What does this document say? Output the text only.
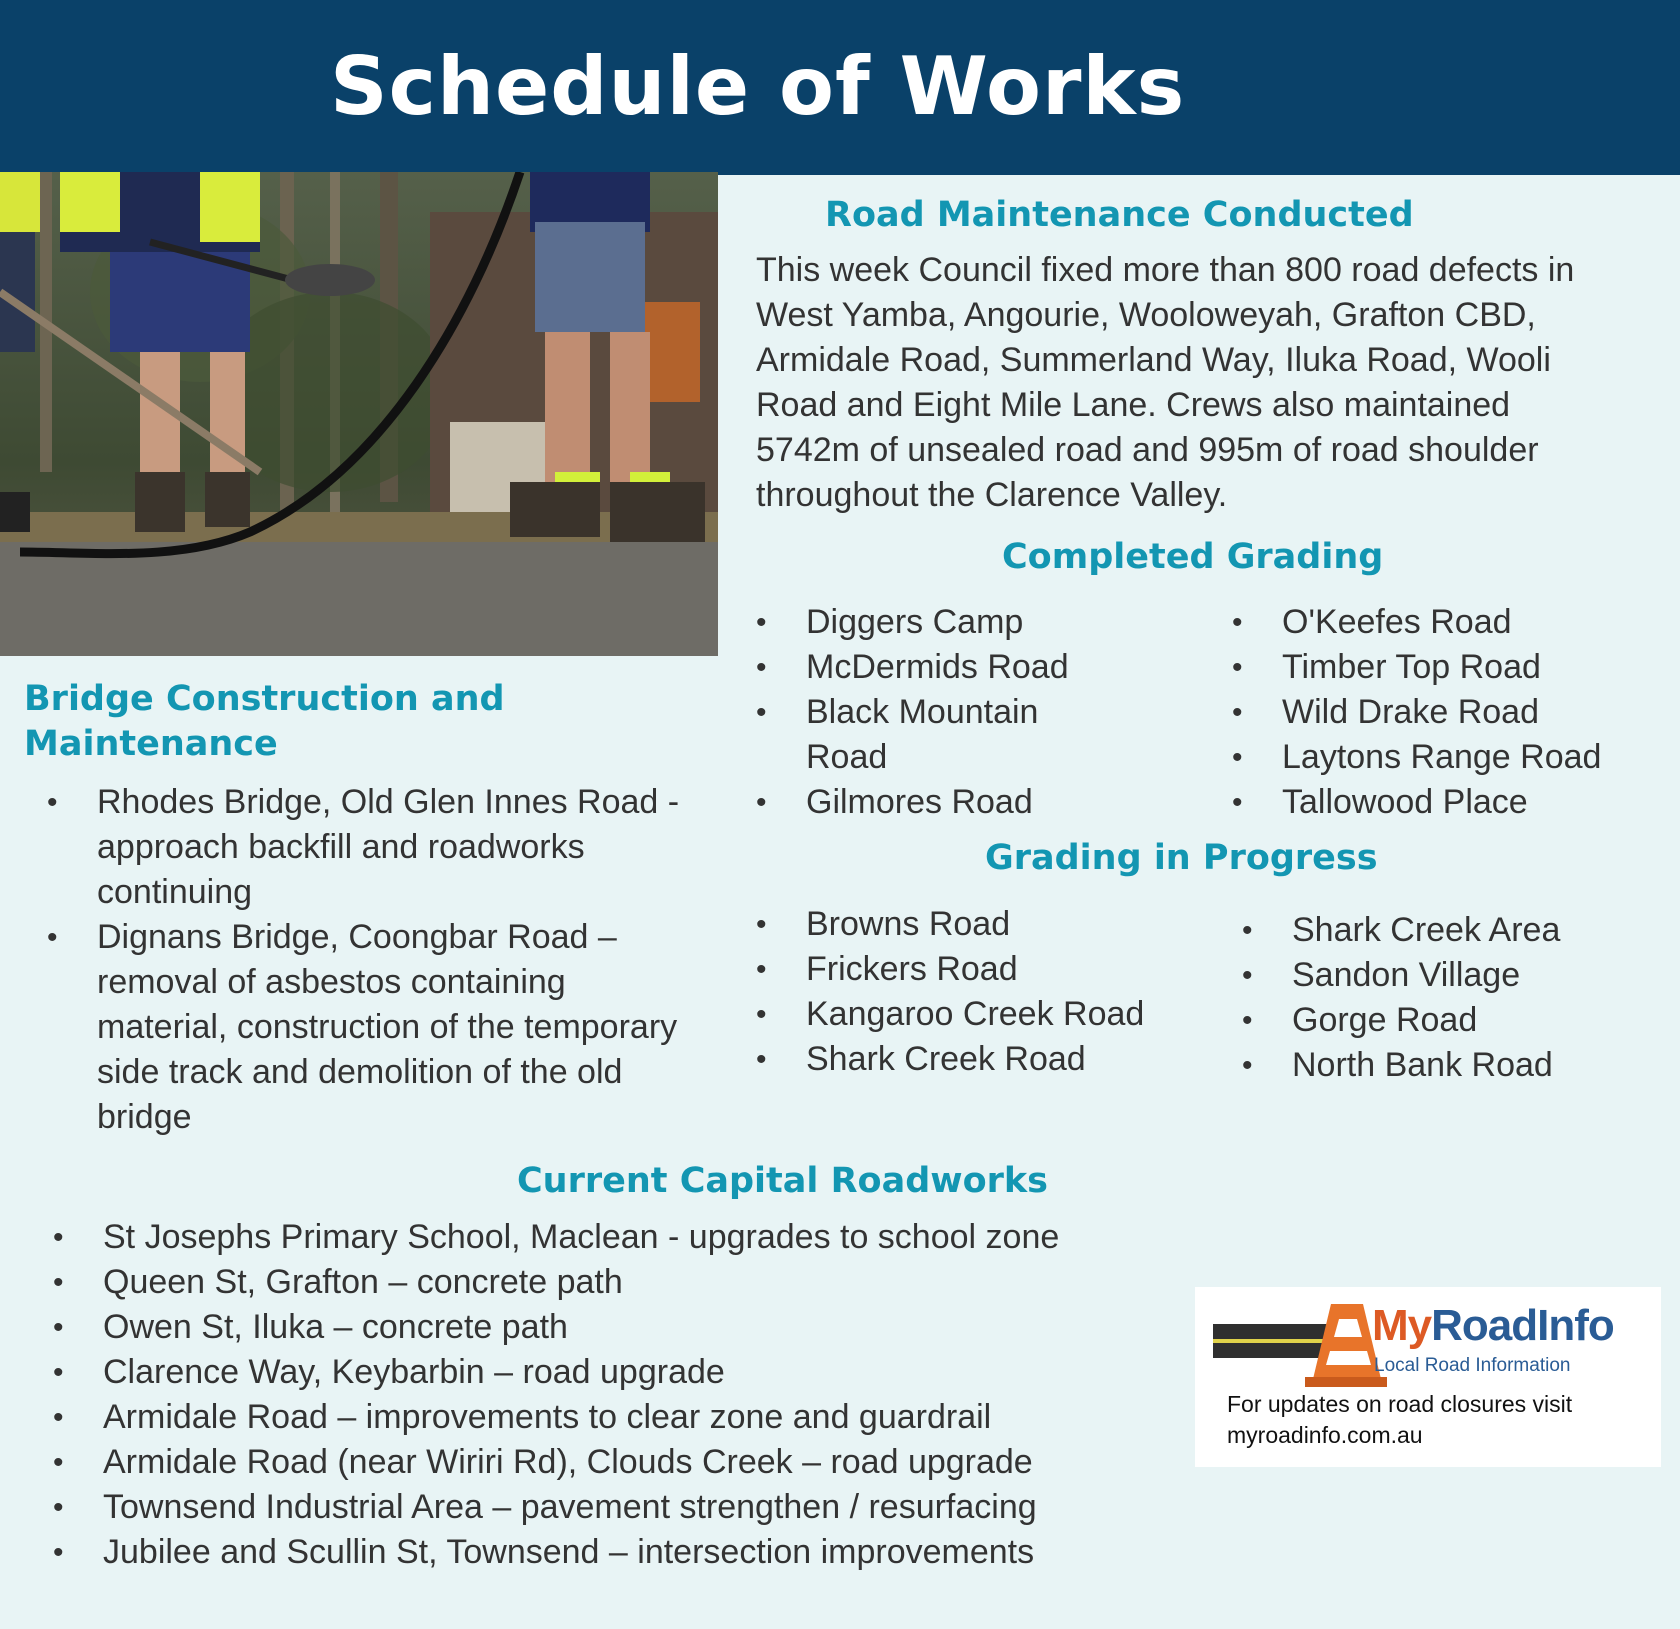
Schedule of Works
Road Maintenance Conducted
This week Council fixed more than 800 road defects in
West Yamba, Angourie, Wooloweyah, Grafton CBD,
Armidale Road, Summerland Way, Iluka Road, Wooli
Road and Eight Mile Lane. Crews also maintained
5742m of unsealed road and 995m of road shoulder
throughout the Clarence Valley.
Completed Grading
• Diggers Camp
• McDermids Road
• Black Mountain Road
• Gilmores Road
• O'Keefes Road
• Timber Top Road
• Wild Drake Road
• Laytons Range Road
• Tallowood Place
Grading in Progress
• Browns Road
• Frickers Road
• Kangaroo Creek Road
• Shark Creek Road
• Shark Creek Area
• Sandon Village
• Gorge Road
• North Bank Road
Bridge Construction and
Maintenance
• Rhodes Bridge, Old Glen Innes Road - approach backfill and roadworks continuing
• Dignans Bridge, Coongbar Road – removal of asbestos containing material, construction of the temporary side track and demolition of the old bridge
Current Capital Roadworks
• St Josephs Primary School, Maclean - upgrades to school zone
• Queen St, Grafton – concrete path
• Owen St, Iluka – concrete path
• Clarence Way, Keybarbin – road upgrade
• Armidale Road – improvements to clear zone and guardrail
• Armidale Road (near Wiriri Rd), Clouds Creek – road upgrade
• Townsend Industrial Area – pavement strengthen / resurfacing
• Jubilee and Scullin St, Townsend – intersection improvements
MyRoadInfo
Local Road Information
For updates on road closures visit
myroadinfo.com.au
